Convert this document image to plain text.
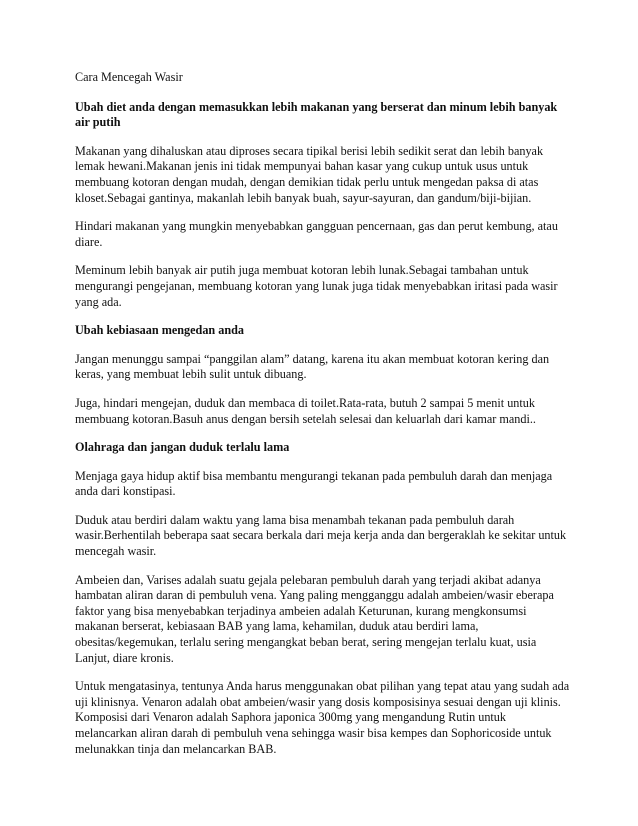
Cara Mencegah Wasir

Ubah diet anda dengan memasukkan lebih makanan yang berserat dan minum lebih banyak air putih

Makanan yang dihaluskan atau diproses secara tipikal berisi lebih sedikit serat dan lebih banyak lemak hewani.Makanan jenis ini tidak mempunyai bahan kasar yang cukup untuk usus untuk membuang kotoran dengan mudah, dengan demikian tidak perlu untuk mengedan paksa di atas kloset.Sebagai gantinya, makanlah lebih banyak buah, sayur-sayuran, dan gandum/biji-bijian.

Hindari makanan yang mungkin menyebabkan gangguan pencernaan, gas dan perut kembung, atau diare.

Meminum lebih banyak air putih juga membuat kotoran lebih lunak.Sebagai tambahan untuk mengurangi pengejanan, membuang kotoran yang lunak juga tidak menyebabkan iritasi pada wasir yang ada.

Ubah kebiasaan mengedan anda

Jangan menunggu sampai “panggilan alam” datang, karena itu akan membuat kotoran kering dan keras, yang membuat lebih sulit untuk dibuang.

Juga, hindari mengejan, duduk dan membaca di toilet.Rata-rata, butuh 2 sampai 5 menit untuk membuang kotoran.Basuh anus dengan bersih setelah selesai dan keluarlah dari kamar mandi..

Olahraga dan jangan duduk terlalu lama

Menjaga gaya hidup aktif bisa membantu mengurangi tekanan pada pembuluh darah dan menjaga anda dari konstipasi.

Duduk atau berdiri dalam waktu yang lama bisa menambah tekanan pada pembuluh darah wasir.Berhentilah beberapa saat secara berkala dari meja kerja anda dan bergeraklah ke sekitar untuk mencegah wasir.

Ambeien dan, Varises adalah suatu gejala pelebaran pembuluh darah yang terjadi akibat adanya hambatan aliran daran di pembuluh vena. Yang paling mengganggu adalah ambeien/wasir eberapa faktor yang bisa menyebabkan terjadinya ambeien adalah Keturunan, kurang mengkonsumsi makanan berserat, kebiasaan BAB yang lama, kehamilan, duduk atau berdiri lama, obesitas/kegemukan, terlalu sering mengangkat beban berat, sering mengejan terlalu kuat, usia Lanjut, diare kronis.

Untuk mengatasinya, tentunya Anda harus menggunakan obat pilihan yang tepat atau yang sudah ada uji klinisnya. Venaron adalah obat ambeien/wasir yang dosis komposisinya sesuai dengan uji klinis. Komposisi dari Venaron adalah Saphora japonica 300mg yang mengandung Rutin untuk melancarkan aliran darah di pembuluh vena sehingga wasir bisa kempes dan Sophoricoside untuk melunakkan tinja dan melancarkan BAB.
